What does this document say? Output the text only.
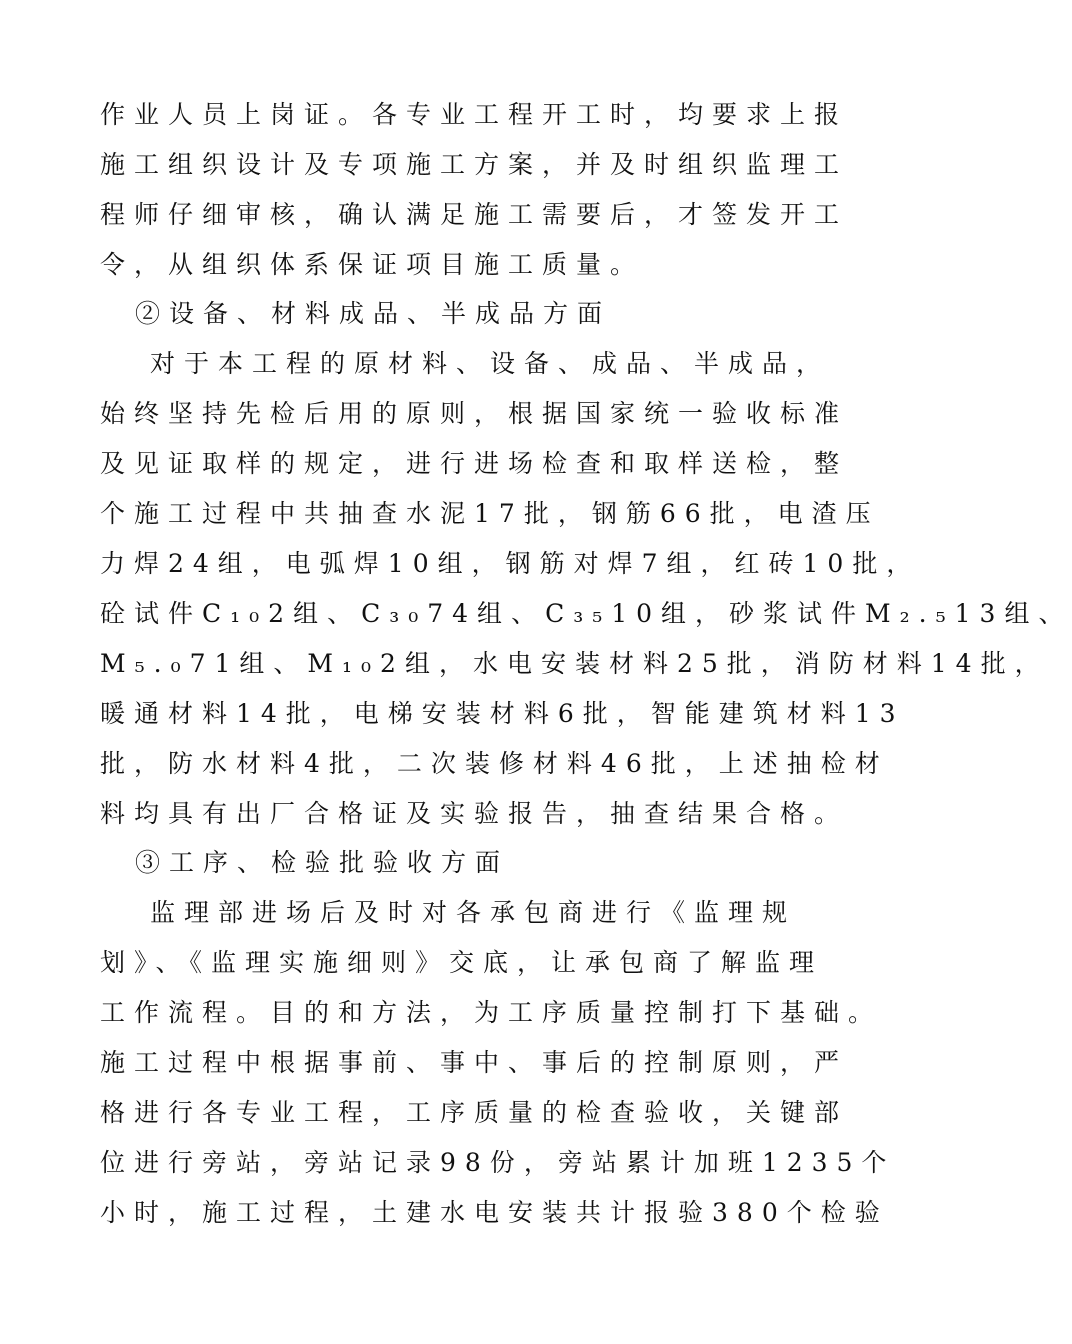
作业人员上岗证。各专业工程开工时，均要求上报
施工组织设计及专项施工方案，并及时组织监理工
程师仔细审核，确认满足施工需要后，才签发开工
令，从组织体系保证项目施工质量。
②设备、材料成品、半成品方面
对于本工程的原材料、设备、成品、半成品，
始终坚持先检后用的原则，根据国家统一验收标准
及见证取样的规定，进行进场检查和取样送检，整
个施工过程中共抽查水泥17批，钢筋66批，电渣压
力焊24组，电弧焊10组，钢筋对焊7组，红砖10批，
砼试件C₁₀2组、C₃₀74组、C₃₅10组，砂浆试件M₂.₅13组、
M₅.₀71组、M₁₀2组，水电安装材料25批，消防材料14批，
暖通材料14批，电梯安装材料6批，智能建筑材料13
批，防水材料4批，二次装修材料46批，上述抽检材
料均具有出厂合格证及实验报告，抽查结果合格。
③工序、检验批验收方面
监理部进场后及时对各承包商进行《监理规
划》、《监理实施细则》交底，让承包商了解监理
工作流程。目的和方法，为工序质量控制打下基础。
施工过程中根据事前、事中、事后的控制原则，严
格进行各专业工程，工序质量的检查验收，关键部
位进行旁站，旁站记录98份，旁站累计加班1235个
小时，施工过程，土建水电安装共计报验380个检验
